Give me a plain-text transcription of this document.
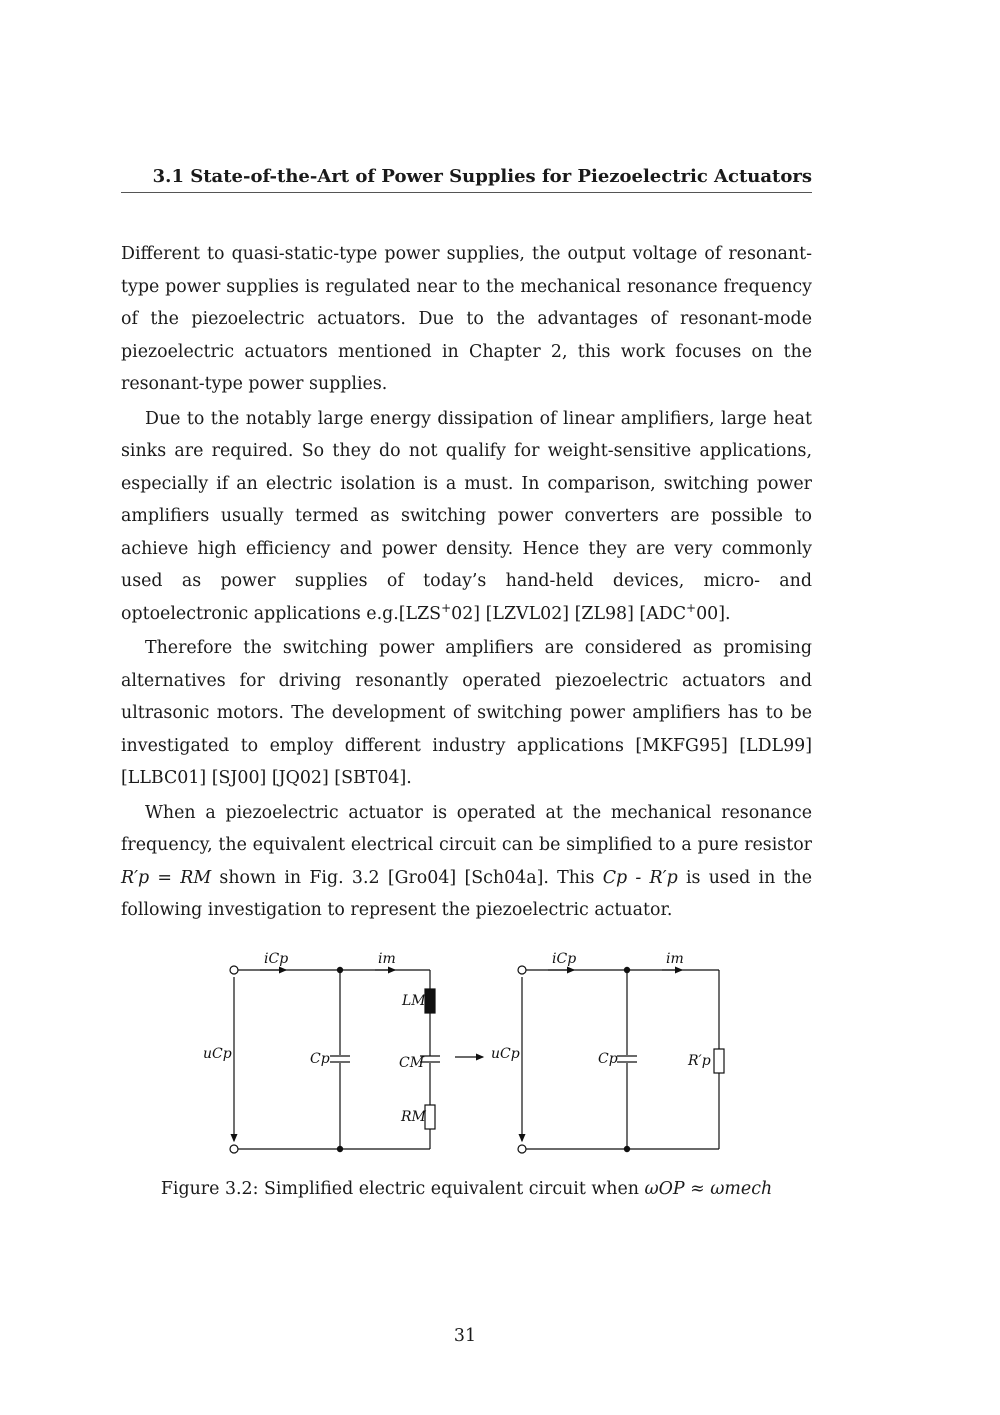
3.1 State-of-the-Art of Power Supplies for Piezoelectric Actuators

Different to quasi-static-type power supplies, the output voltage of resonant-type power supplies is regulated near to the mechanical resonance frequency of the piezoelectric actuators. Due to the advantages of resonant-mode piezoelectric actuators mentioned in Chapter 2, this work focuses on the resonant-type power supplies.

Due to the notably large energy dissipation of linear amplifiers, large heat sinks are required. So they do not qualify for weight-sensitive applications, especially if an electric isolation is a must. In comparison, switching power amplifiers usually termed as switching power converters are possible to achieve high efficiency and power density. Hence they are very commonly used as power supplies of today’s hand-held devices, micro- and optoelectronic applications e.g.[LZS+02] [LZVL02] [ZL98] [ADC+00].

Therefore the switching power amplifiers are considered as promising alternatives for driving resonantly operated piezoelectric actuators and ultrasonic motors. The development of switching power amplifiers has to be investigated to employ different industry applications [MKFG95] [LDL99] [LLBC01] [SJ00] [JQ02] [SBT04].

When a piezoelectric actuator is operated at the mechanical resonance frequency, the equivalent electrical circuit can be simplified to a pure resistor R′p = RM shown in Fig. 3.2 [Gro04] [Sch04a]. This Cp - R′p is used in the following investigation to represent the piezoelectric actuator.

iCp	im
uCp	Cp
LM
CM
RM
iCp	im
uCp	Cp	R′p
Figure 3.2: Simplified electric equivalent circuit when ωOP ≈ ωmech
31
